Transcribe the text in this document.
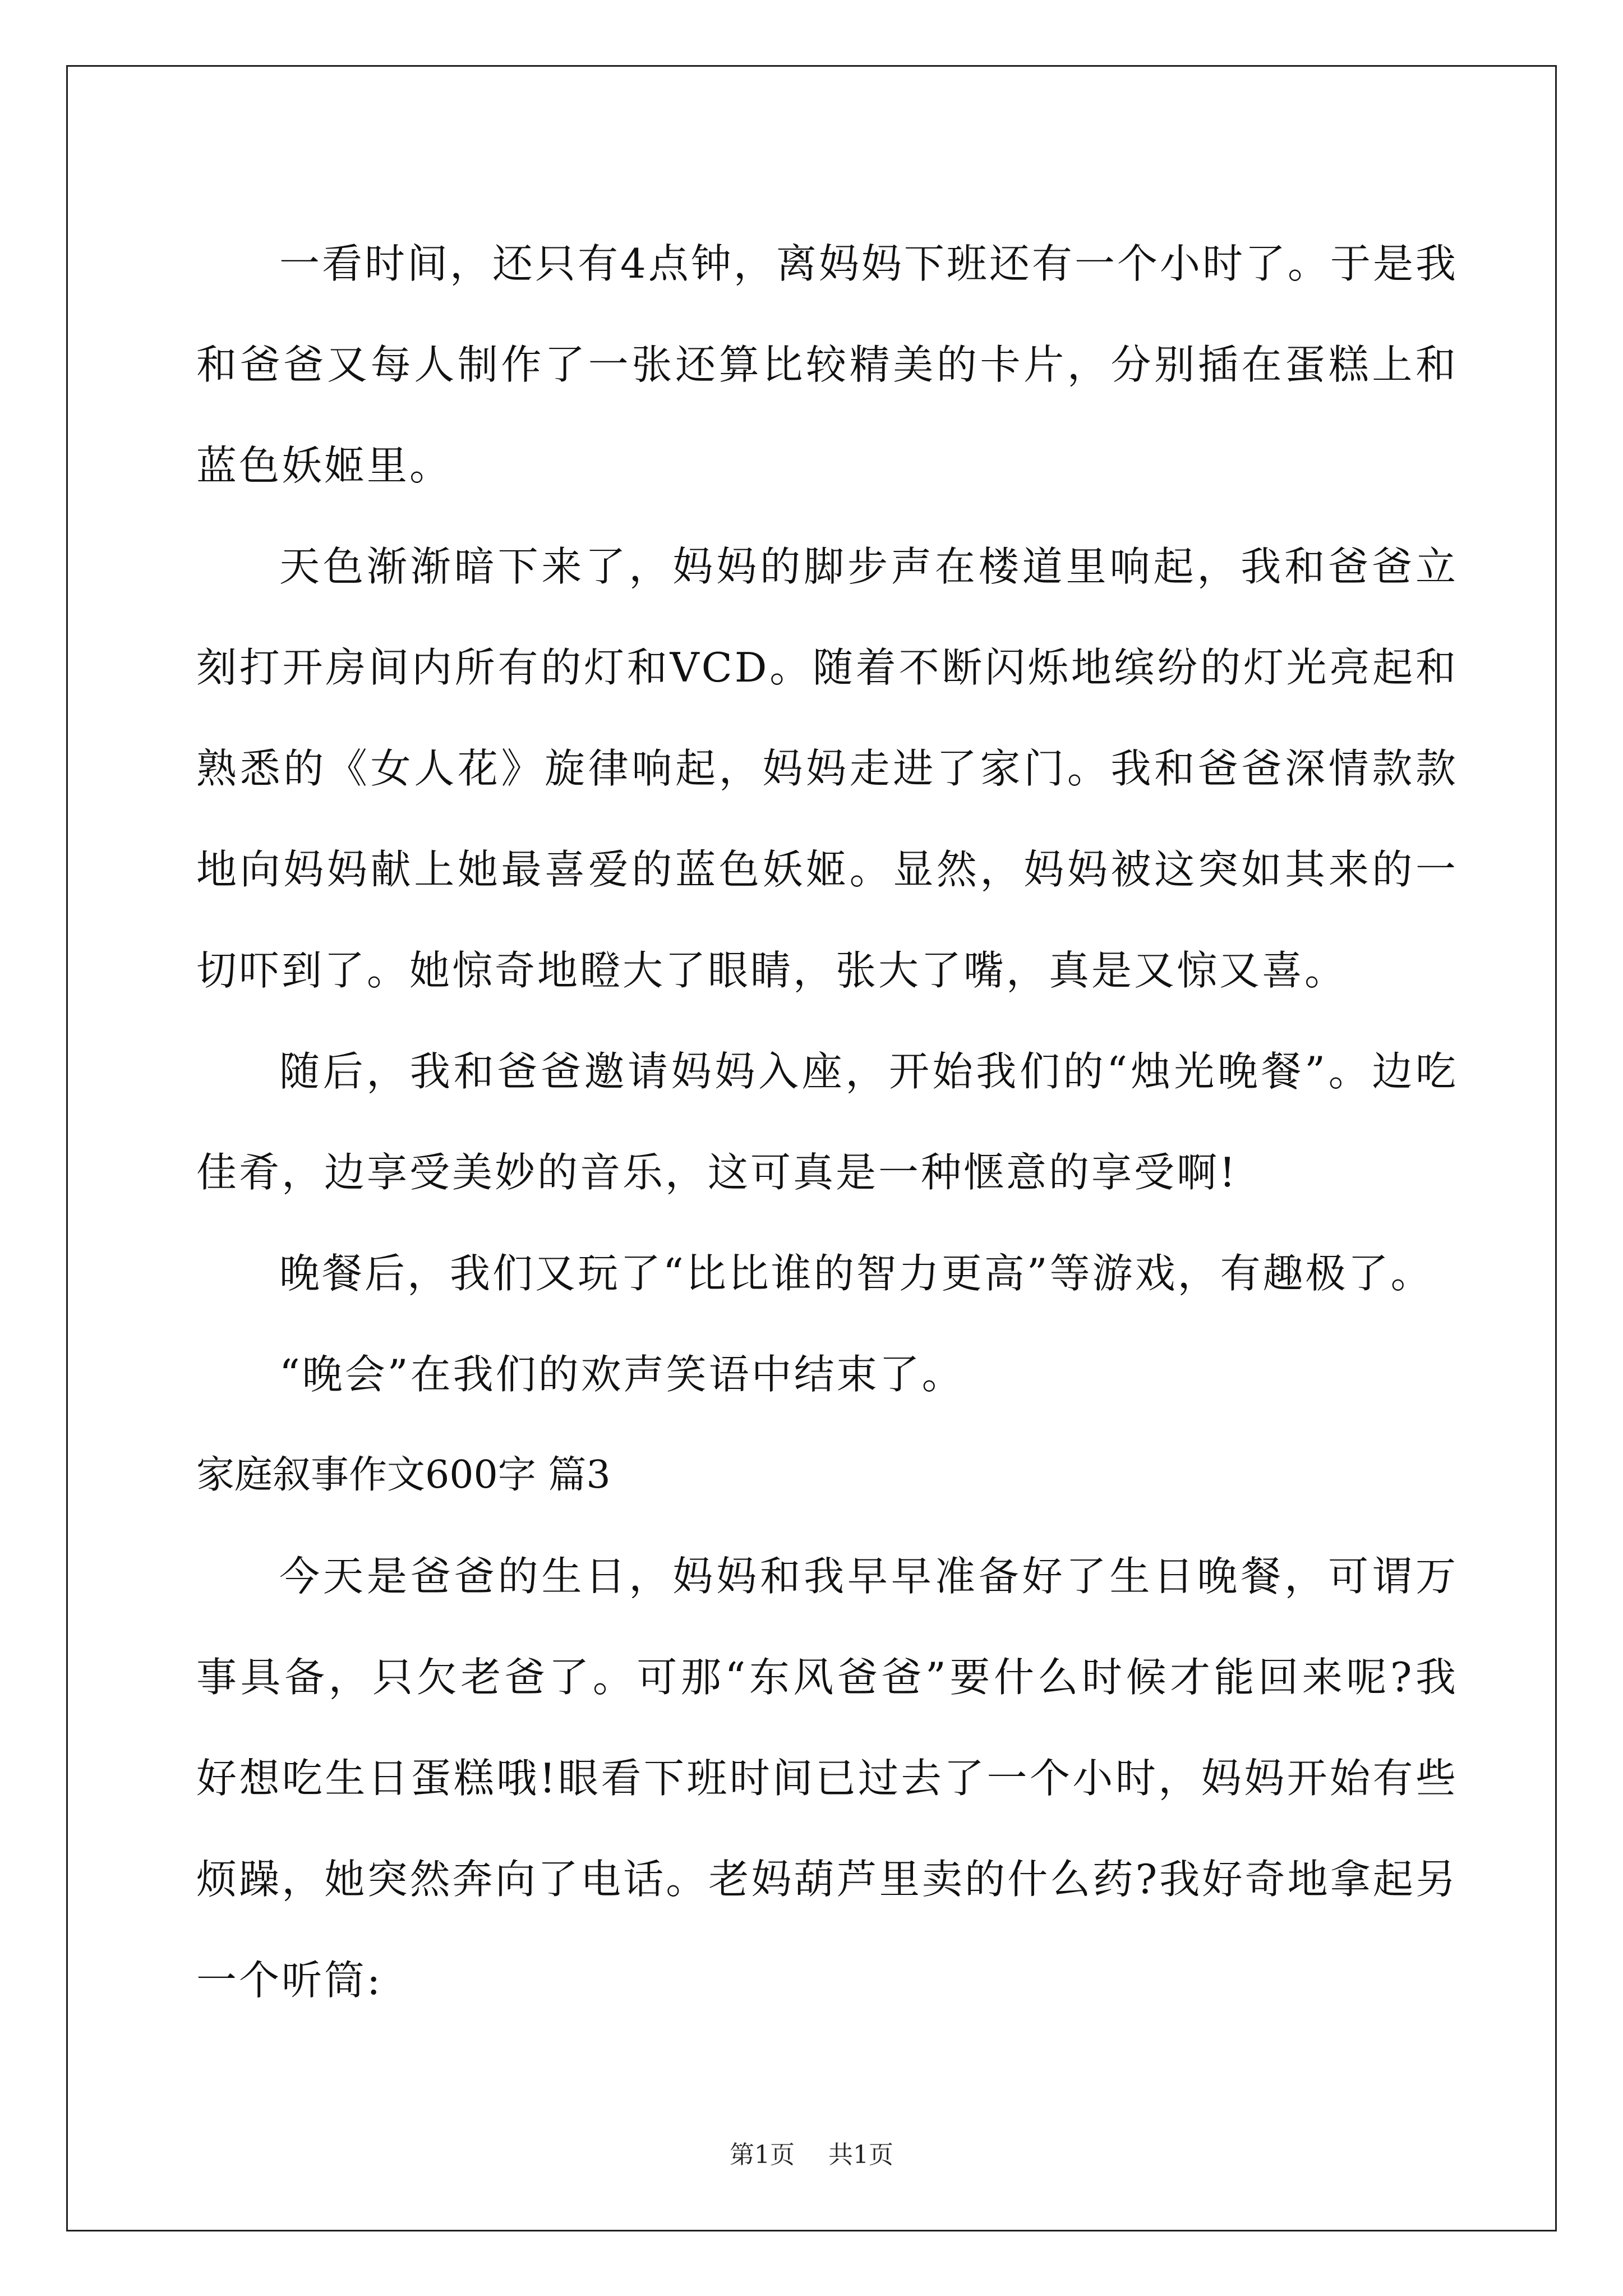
一看时间，还只有4点钟，离妈妈下班还有一个小时了。于是我和爸爸又每人制作了一张还算比较精美的卡片，分别插在蛋糕上和蓝色妖姬里。

天色渐渐暗下来了，妈妈的脚步声在楼道里响起，我和爸爸立刻打开房间内所有的灯和VCD。随着不断闪烁地缤纷的灯光亮起和熟悉的《女人花》旋律响起，妈妈走进了家门。我和爸爸深情款款地向妈妈献上她最喜爱的蓝色妖姬。显然，妈妈被这突如其来的一切吓到了。她惊奇地瞪大了眼睛，张大了嘴，真是又惊又喜。

随后，我和爸爸邀请妈妈入座，开始我们的“烛光晚餐”。边吃佳肴，边享受美妙的音乐，这可真是一种惬意的享受啊!

晚餐后，我们又玩了“比比谁的智力更高”等游戏，有趣极了。

“晚会”在我们的欢声笑语中结束了。

家庭叙事作文600字 篇3

今天是爸爸的生日，妈妈和我早早准备好了生日晚餐，可谓万事具备，只欠老爸了。可那“东风爸爸”要什么时候才能回来呢?我好想吃生日蛋糕哦!眼看下班时间已过去了一个小时，妈妈开始有些烦躁，她突然奔向了电话。老妈葫芦里卖的什么药?我好奇地拿起另一个听筒:

第1页 共1页
